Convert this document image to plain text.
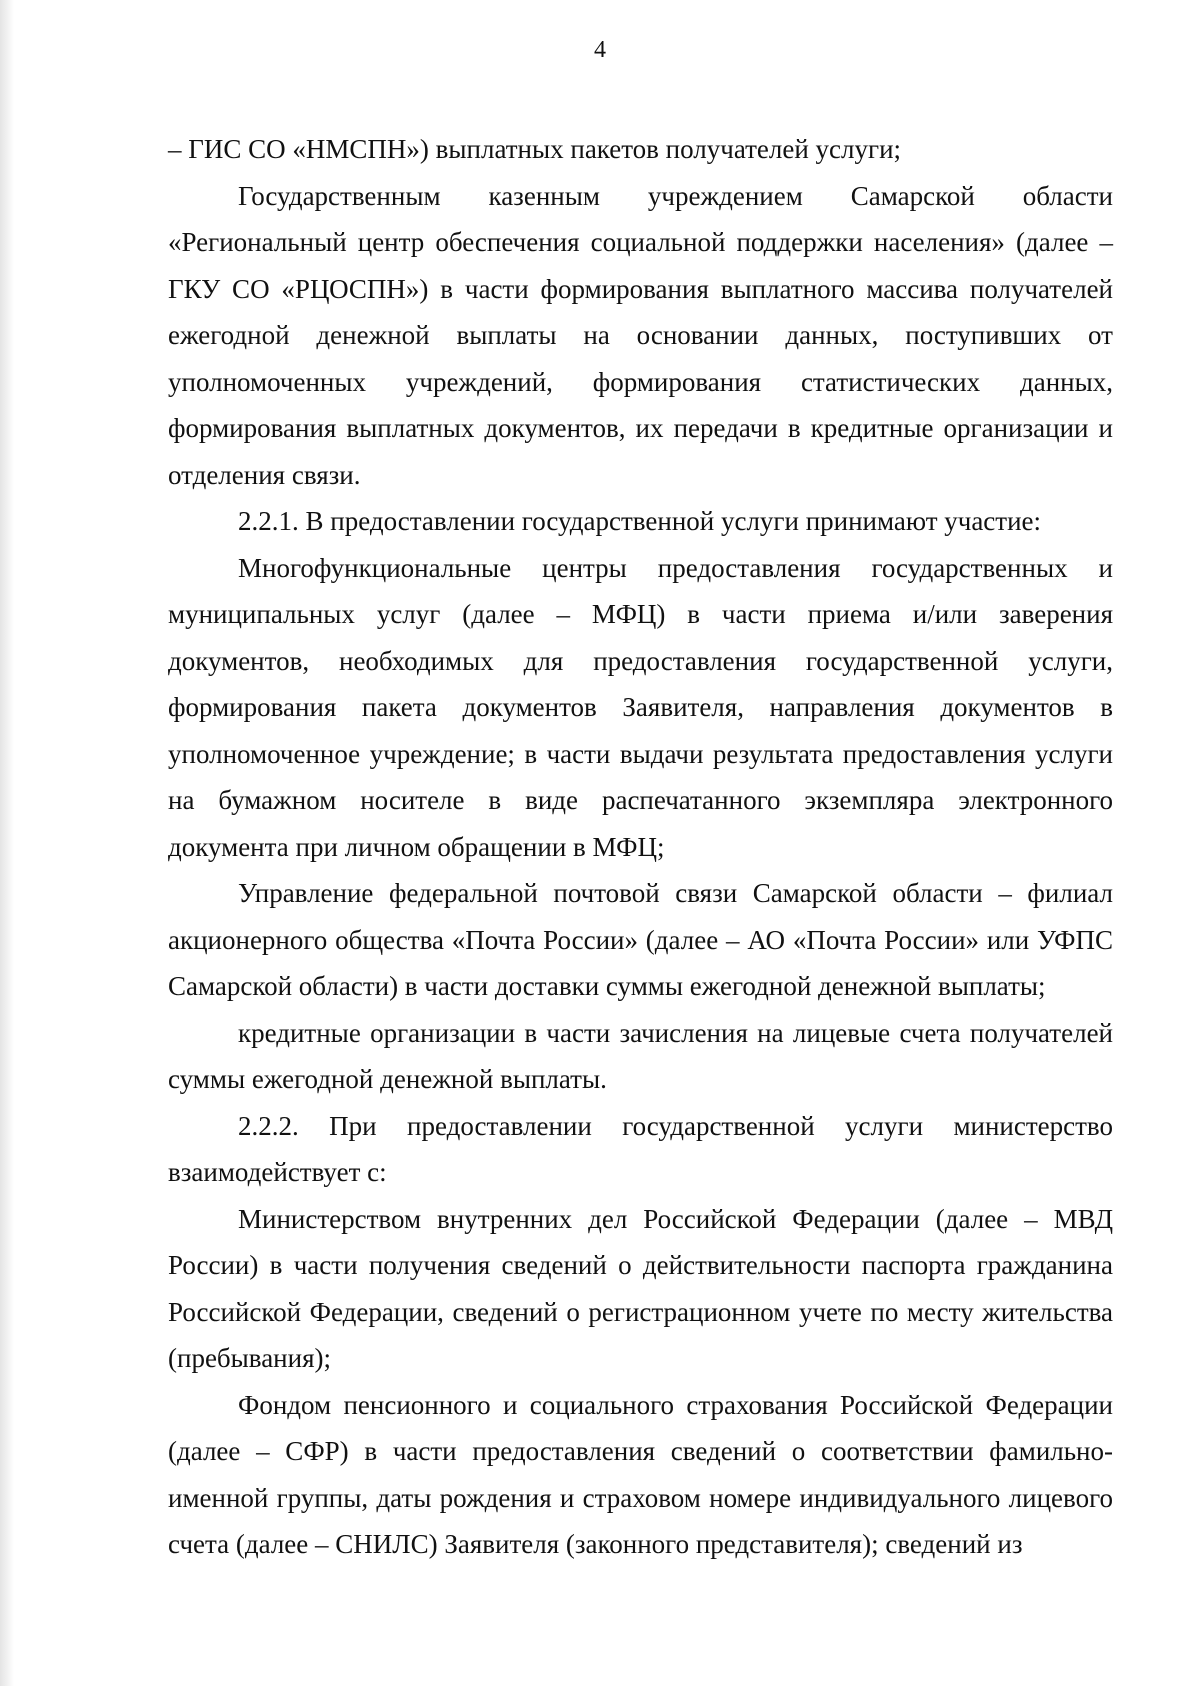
4

– ГИС СО «НМСПН») выплатных пакетов получателей услуги;

Государственным казенным учреждением Самарской области «Региональный центр обеспечения социальной поддержки населения» (далее – ГКУ СО «РЦОСПН») в части формирования выплатного массива получателей ежегодной денежной выплаты на основании данных, поступивших от уполномоченных учреждений, формирования статистических данных, формирования выплатных документов, их передачи в кредитные организации и отделения связи.

2.2.1. В предоставлении государственной услуги принимают участие:

Многофункциональные центры предоставления государственных и муниципальных услуг (далее – МФЦ) в части приема и/или заверения документов, необходимых для предоставления государственной услуги, формирования пакета документов Заявителя, направления документов в уполномоченное учреждение; в части выдачи результата предоставления услуги на бумажном носителе в виде распечатанного экземпляра электронного документа при личном обращении в МФЦ;

Управление федеральной почтовой связи Самарской области – филиал акционерного общества «Почта России» (далее – АО «Почта России» или УФПС Самарской области) в части доставки суммы ежегодной денежной выплаты;

кредитные организации в части зачисления на лицевые счета получателей суммы ежегодной денежной выплаты.

2.2.2. При предоставлении государственной услуги министерство взаимодействует с:

Министерством внутренних дел Российской Федерации (далее – МВД России) в части получения сведений о действительности паспорта гражданина Российской Федерации, сведений о регистрационном учете по месту жительства (пребывания);

Фондом пенсионного и социального страхования Российской Федерации (далее – СФР) в части предоставления сведений о соответствии фамильно-именной группы, даты рождения и страховом номере индивидуального лицевого счета (далее – СНИЛС) Заявителя (законного представителя); сведений из
